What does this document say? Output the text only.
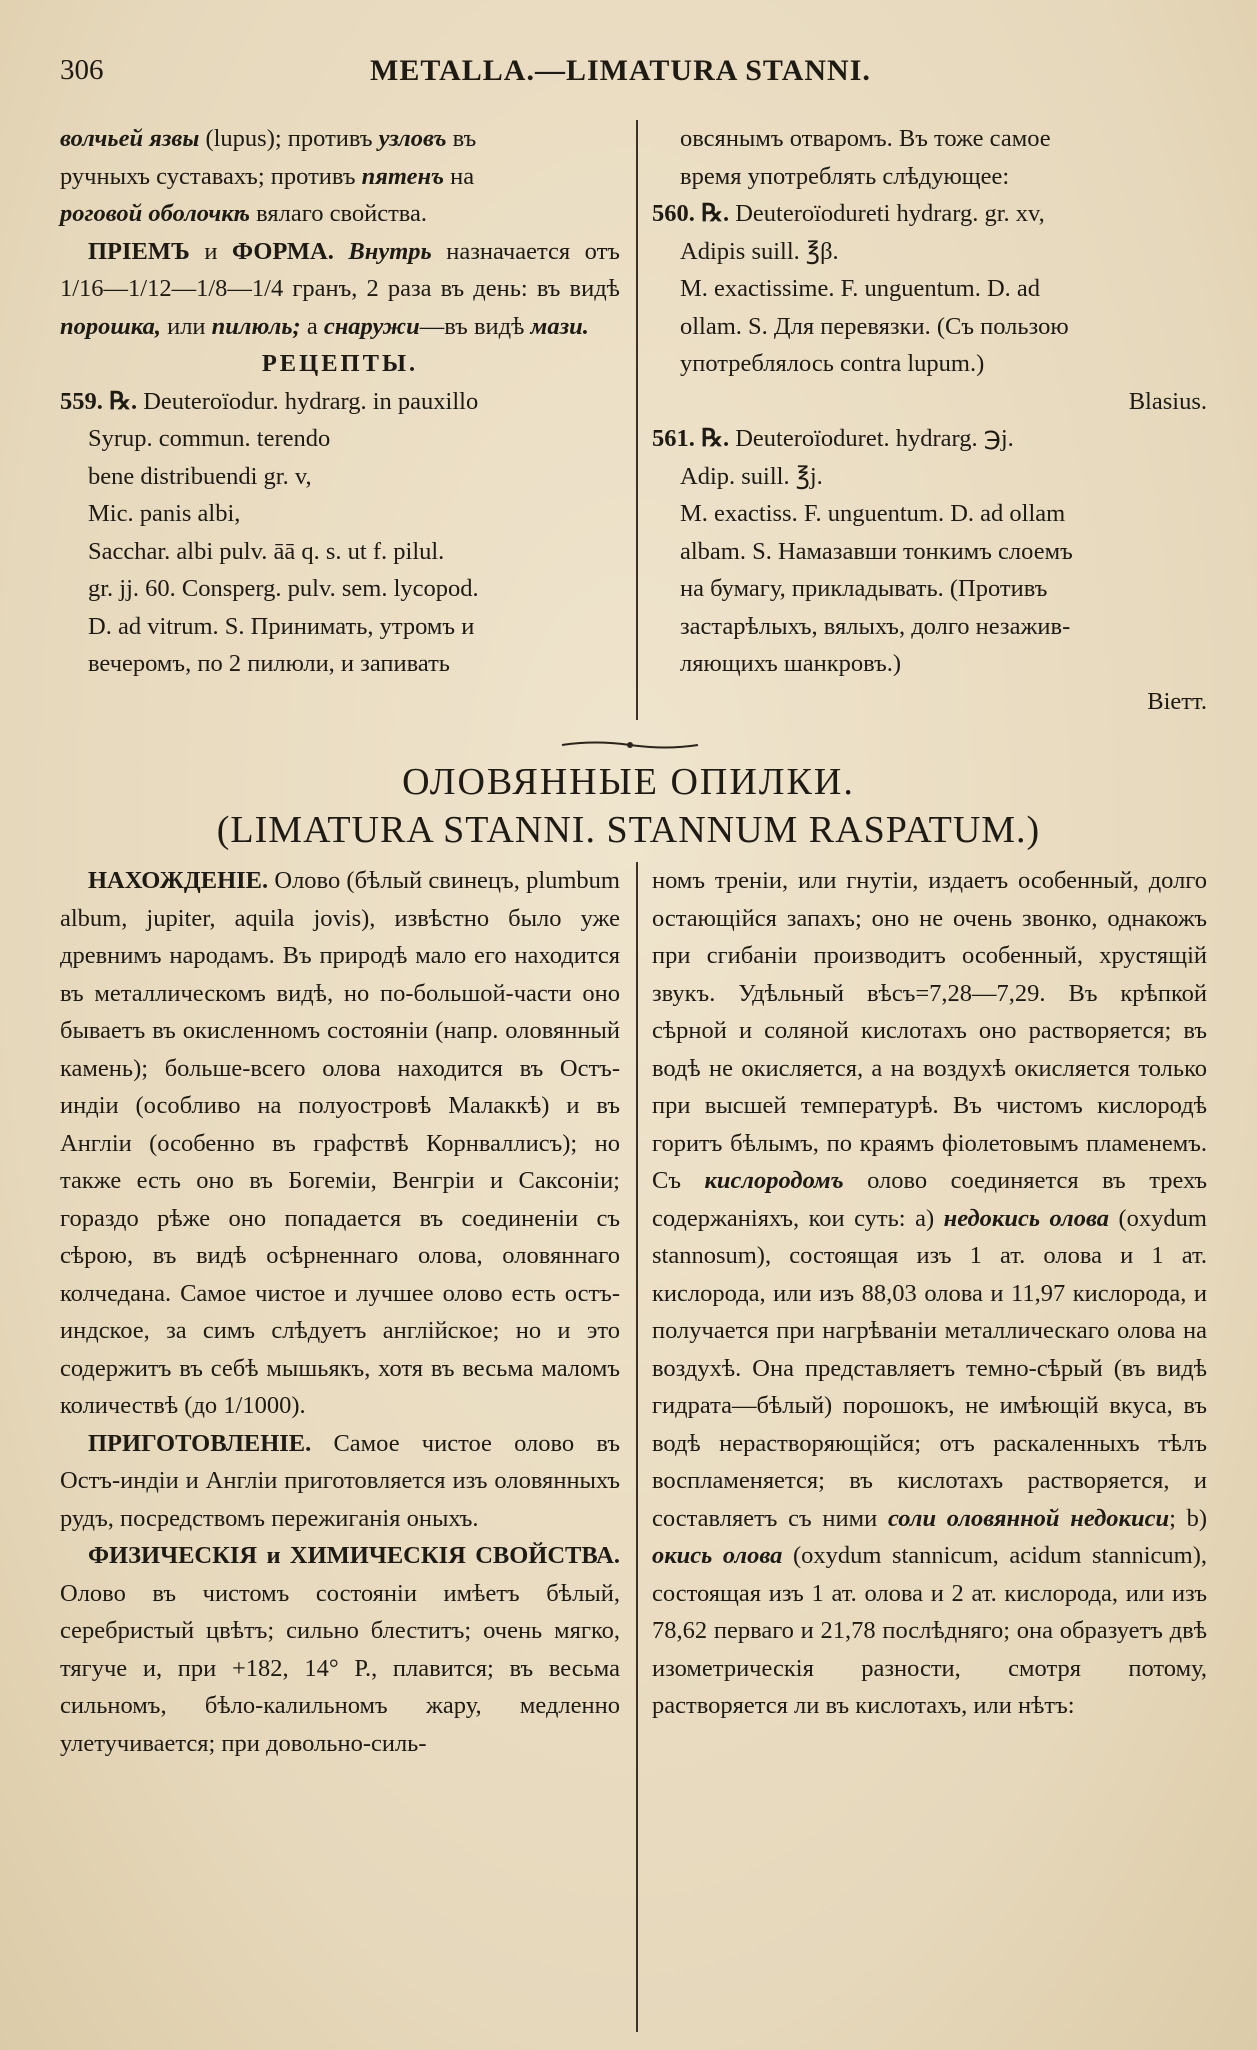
306	METALLA.—LIMATURA STANNI.

волчьей язвы (lupus); противъ узловъ въ

ручныхъ суставахъ; противъ пятенъ на

роговой оболочкѣ вялаго свойства.

ПРІЕМЪ и ФОРМА. Внутрь назначается отъ 1/16—1/12—1/8—1/4 гранъ, 2 раза въ день: въ видѣ порошка, или пилюль; а снаружи—въ видѣ мази.

РЕЦЕПТЫ.

559. ℞. Deuteroïodur. hydrarg. in pauxillo

Syrup. commun. terendo

bene distribuendi gr. v,

Mic. panis albi,

Sacchar. albi pulv. āā q. s. ut f. pilul.

gr. jj. 60. Consperg. pulv. sem. lycopod.

D. ad vitrum. S. Принимать, утромъ и

вечеромъ, по 2 пилюли, и запивать

овсянымъ отваромъ. Въ тоже самое

время употреблять слѣдующее:

560. ℞. Deuteroïodureti hydrarg. gr. xv,

Adipis suill. ℥β.

M. exactissime. F. unguentum. D. ad

ollam. S. Для перевязки. (Съ пользою

употреблялось contra lupum.)

Blasius.

561. ℞. Deuteroïoduret. hydrarg. ℈j.

Adip. suill. ℥j.

M. exactiss. F. unguentum. D. ad ollam

albam. S. Намазавши тонкимъ слоемъ

на бумагу, прикладывать. (Противъ

застарѣлыхъ, вялыхъ, долго незажив-

ляющихъ шанкровъ.)

Віетт.

ОЛОВЯННЫЕ ОПИЛКИ.
(LIMATURA STANNI. STANNUM RASPATUM.)

НАХОЖДЕНІЕ. Олово (бѣлый свинецъ, plumbum album, jupiter, aquila jovis), извѣстно было уже древнимъ народамъ. Въ природѣ мало его находится въ металлическомъ видѣ, но по-большой-части оно бываетъ въ окисленномъ состояніи (напр. оловянный камень); больше-всего олова находится въ Остъ-индіи (особливо на полуостровѣ Малаккѣ) и въ Англіи (особенно въ графствѣ Корнваллисъ); но также есть оно въ Богеміи, Венгріи и Саксоніи; гораздо рѣже оно попадается въ соединеніи съ сѣрою, въ видѣ осѣрненнаго олова, оловяннаго колчедана. Самое чистое и лучшее олово есть остъ-индское, за симъ слѣдуетъ англійское; но и это содержитъ въ себѣ мышьякъ, хотя въ весьма маломъ количествѣ (до 1/1000).

ПРИГОТОВЛЕНІЕ. Самое чистое олово въ Остъ-индіи и Англіи приготовляется изъ оловянныхъ рудъ, посредствомъ пережиганія оныхъ.

ФИЗИЧЕСКІЯ и ХИМИЧЕСКІЯ СВОЙСТВА. Олово въ чистомъ состояніи имѣетъ бѣлый, серебристый цвѣтъ; сильно блеститъ; очень мягко, тягуче и, при +182, 14° Р., плавится; въ весьма сильномъ, бѣло-калильномъ жару, медленно улетучивается; при довольно-силь-

номъ треніи, или гнутіи, издаетъ особенный, долго остающійся запахъ; оно не очень звонко, однакожъ при сгибаніи производитъ особенный, хрустящій звукъ. Удѣльный вѣсъ=7,28—7,29. Въ крѣпкой сѣрной и соляной кислотахъ оно растворяется; въ водѣ не окисляется, а на воздухѣ окисляется только при высшей температурѣ. Въ чистомъ кислородѣ горитъ бѣлымъ, по краямъ фіолетовымъ пламенемъ. Съ кислородомъ олово соединяется въ трехъ содержаніяхъ, кои суть: а) недокись олова (oxydum stannosum), состоящая изъ 1 ат. олова и 1 ат. кислорода, или изъ 88,03 олова и 11,97 кислорода, и получается при нагрѣваніи металлическаго олова на воздухѣ. Она представляетъ темно-сѣрый (въ видѣ гидрата—бѣлый) порошокъ, не имѣющій вкуса, въ водѣ нерастворяющійся; отъ раскаленныхъ тѣлъ воспламеняется; въ кислотахъ растворяется, и составляетъ съ ними соли оловянной недокиси; b) окись олова (oxydum stannicum, acidum stannicum), состоящая изъ 1 ат. олова и 2 ат. кислорода, или изъ 78,62 перваго и 21,78 послѣдняго; она образуетъ двѣ изометрическія разности, смотря потому, растворяется ли въ кислотахъ, или нѣтъ:
